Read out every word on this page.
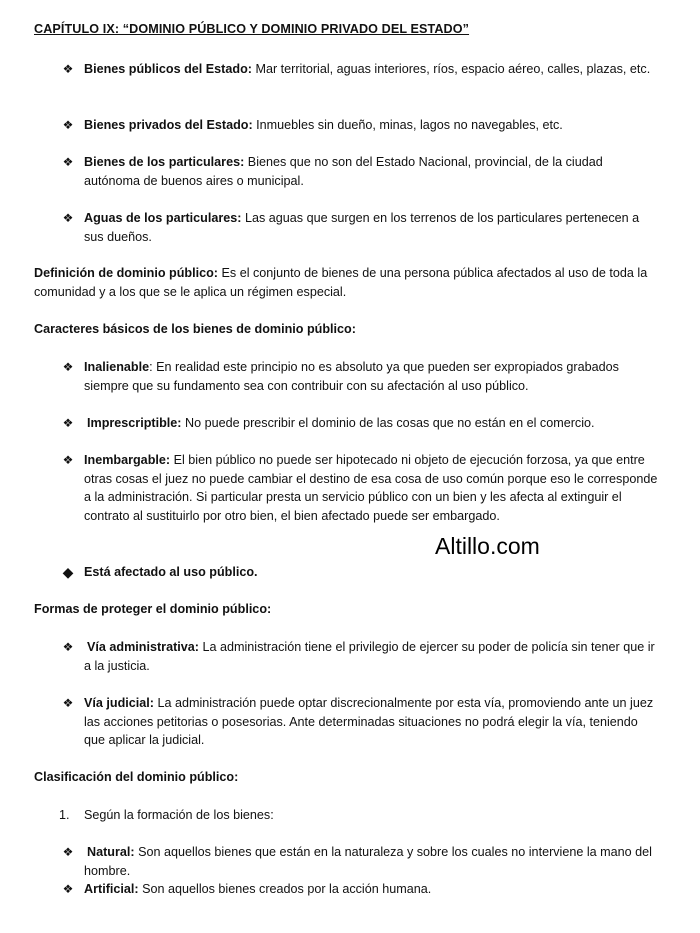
CAPÍTULO IX: “DOMINIO PÚBLICO Y DOMINIO PRIVADO DEL ESTADO”
❖ Bienes públicos del Estado: Mar territorial, aguas interiores, ríos, espacio aéreo, calles, plazas, etc.
❖ Bienes privados del Estado: Inmuebles sin dueño, minas, lagos no navegables, etc.
❖ Bienes de los particulares: Bienes que no son del Estado Nacional, provincial, de la ciudad autónoma de buenos aires o municipal.
❖ Aguas de los particulares: Las aguas que surgen en los terrenos de los particulares pertenecen a sus dueños.
Definición de dominio público: Es el conjunto de bienes de una persona pública afectados al uso de toda la comunidad y a los que se le aplica un régimen especial.
Caracteres básicos de los bienes de dominio público:
❖ Inalienable: En realidad este principio no es absoluto ya que pueden ser expropiados grabados siempre que su fundamento sea con contribuir con su afectación al uso público.
❖ Imprescriptible: No puede prescribir el dominio de las cosas que no están en el comercio.
❖ Inembargable: El bien público no puede ser hipotecado ni objeto de ejecución forzosa, ya que entre otras cosas el juez no puede cambiar el destino de esa cosa de uso común porque eso le corresponde a la administración. Si particular presta un servicio público con un bien y les afecta al extinguir el contrato al sustituirlo por otro bien, el bien afectado puede ser embargado.
Altillo.com
◆ Está afectado al uso público.
Formas de proteger el dominio público:
❖ Vía administrativa: La administración tiene el privilegio de ejercer su poder de policía sin tener que ir a la justicia.
❖ Vía judicial: La administración puede optar discrecionalmente por esta vía, promoviendo ante un juez las acciones petitorias o posesorias. Ante determinadas situaciones no podrá elegir la vía, teniendo que aplicar la judicial.
Clasificación del dominio público:
1. Según la formación de los bienes:
❖ Natural: Son aquellos bienes que están en la naturaleza y sobre los cuales no interviene la mano del hombre.
❖ Artificial: Son aquellos bienes creados por la acción humana.
